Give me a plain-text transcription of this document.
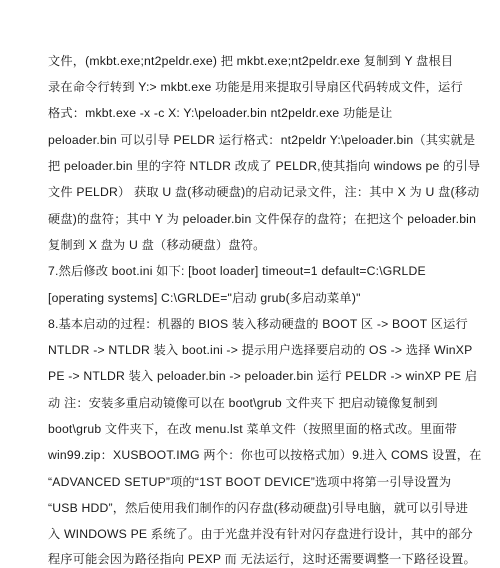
文件，(mkbt.exe;nt2peldr.exe) 把 mkbt.exe;nt2peldr.exe 复制到 Y 盘根目
录在命令行转到 Y:> mkbt.exe 功能是用来提取引导扇区代码转成文件，运行
格式：mkbt.exe -x -c X: Y:\peloader.bin nt2peldr.exe 功能是让
peloader.bin 可以引导 PELDR 运行格式：nt2peldr Y:\peloader.bin（其实就是
把 peloader.bin 里的字符 NTLDR 改成了 PELDR,使其指向 windows pe 的引导
文件 PELDR） 获取 U 盘(移动硬盘)的启动记录文件，注：其中 X 为 U 盘(移动
硬盘)的盘符；其中 Y 为 peloader.bin 文件保存的盘符；在把这个 peloader.bin
复制到 X 盘为 U 盘（移动硬盘）盘符。
7.然后修改 boot.ini 如下: [boot loader] timeout=1 default=C:\GRLDE
[operating systems] C:\GRLDE="启动 grub(多启动菜单)"
8.基本启动的过程：机器的 BIOS 装入移动硬盘的 BOOT 区 -> BOOT 区运行
NTLDR -> NTLDR 装入 boot.ini -> 提示用户选择要启动的 OS -> 选择 WinXP
PE -> NTLDR 装入 peloader.bin -> peloader.bin 运行 PELDR -> winXP PE 启
动 注：安装多重启动镜像可以在 boot\grub 文件夹下 把启动镜像复制到
boot\grub 文件夹下，在改 menu.lst 菜单文件（按照里面的格式改。里面带
win99.zip：XUSBOOT.IMG 两个：你也可以按格式加）9.进入 COMS 设置，在
“ADVANCED SETUP”项的“1ST BOOT DEVICE”选项中将第一引导设置为
“USB HDD”，然后使用我们制作的闪存盘(移动硬盘)引导电脑，就可以引导进
入 WINDOWS PE 系统了。由于光盘并没有针对闪存盘进行设计，其中的部分
程序可能会因为路径指向 PEXP 而 无法运行，这时还需要调整一下路径设置。
